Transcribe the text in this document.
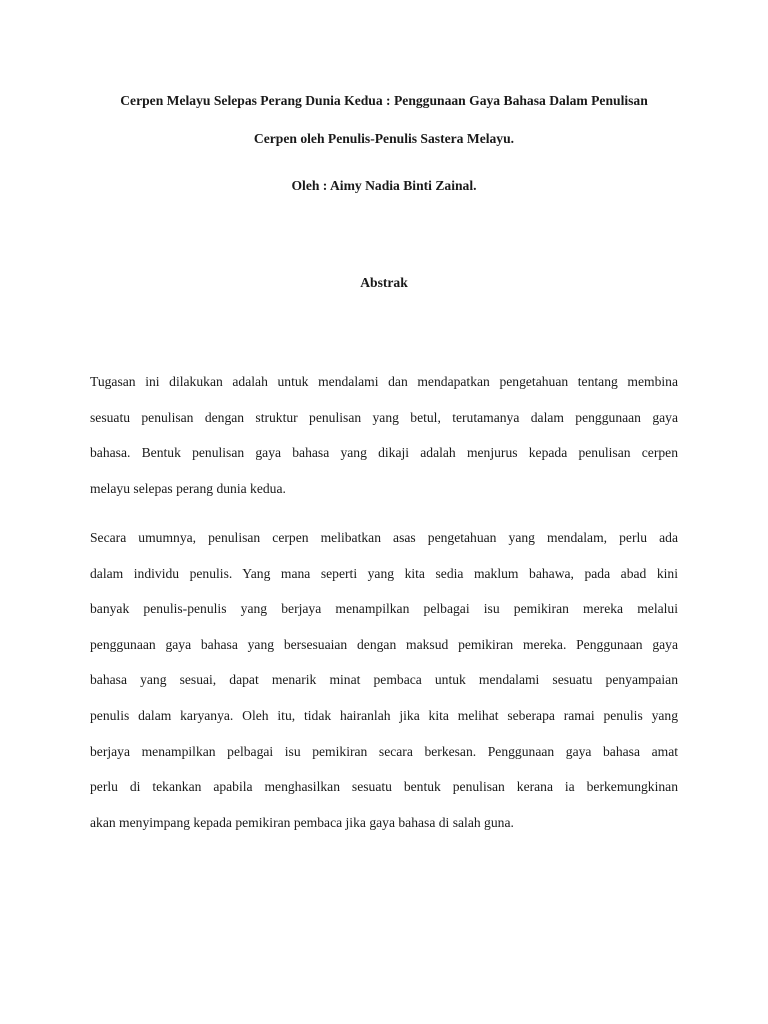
Cerpen Melayu Selepas Perang Dunia Kedua : Penggunaan Gaya Bahasa Dalam Penulisan
Cerpen oleh Penulis-Penulis Sastera Melayu.
Oleh : Aimy Nadia Binti Zainal.
Abstrak
Tugasan ini dilakukan adalah untuk mendalami dan mendapatkan pengetahuan tentang membina
sesuatu penulisan dengan struktur penulisan yang betul, terutamanya dalam penggunaan gaya
bahasa. Bentuk penulisan gaya bahasa yang dikaji adalah menjurus kepada penulisan cerpen
melayu selepas perang dunia kedua.
Secara umumnya, penulisan cerpen melibatkan asas pengetahuan yang mendalam, perlu ada
dalam individu penulis. Yang mana seperti yang kita sedia maklum bahawa, pada abad kini
banyak penulis-penulis yang berjaya menampilkan pelbagai isu pemikiran mereka melalui
penggunaan gaya bahasa yang bersesuaian dengan maksud pemikiran mereka. Penggunaan gaya
bahasa yang sesuai, dapat menarik minat pembaca untuk mendalami sesuatu penyampaian
penulis dalam karyanya. Oleh itu, tidak hairanlah jika kita melihat seberapa ramai penulis yang
berjaya menampilkan pelbagai isu pemikiran secara berkesan. Penggunaan gaya bahasa amat
perlu di tekankan apabila menghasilkan sesuatu bentuk penulisan kerana ia berkemungkinan
akan menyimpang kepada pemikiran pembaca jika gaya bahasa di salah guna.
